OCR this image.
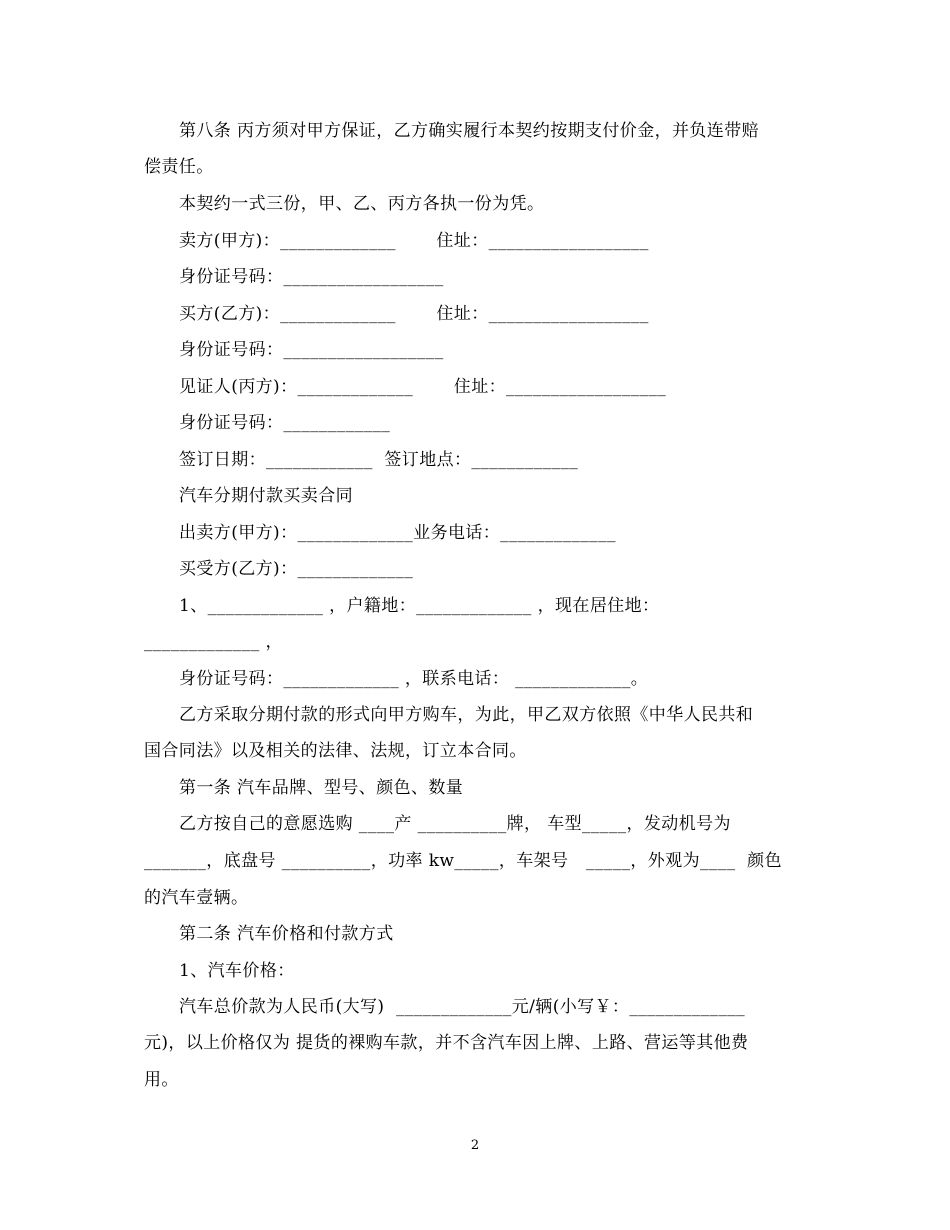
第八条 丙方须对甲方保证，乙方确实履行本契约按期支付价金，并负连带赔
偿责任。
本契约一式三份，甲、乙、丙方各执一份为凭。
卖方(甲方)：_____________       住址：__________________
身份证号码：__________________
买方(乙方)：_____________       住址：__________________
身份证号码：__________________
见证人(丙方)：_____________       住址：__________________
身份证号码：____________
签订日期：____________  签订地点：____________
汽车分期付款买卖合同
出卖方(甲方)：_____________业务电话：_____________
买受方(乙方)：_____________
1、_____________ ，户籍地：_____________ ，现在居住地：
_____________ ，
身份证号码：_____________ ，联系电话： _____________。
乙方采取分期付款的形式向甲方购车，为此，甲乙双方依照《中华人民共和
国合同法》以及相关的法律、法规，订立本合同。
第一条 汽车品牌、型号、颜色、数量
乙方按自己的意愿选购 ____产 __________牌， 车型_____，发动机号为
_______，底盘号 __________，功率 kw_____，车架号   _____，外观为____  颜色
的汽车壹辆。
第二条 汽车价格和付款方式
1、汽车价格：
汽车总价款为人民币(大写)  _____________元/辆(小写￥：_____________
元)，以上价格仅为 提货的裸购车款，并不含汽车因上牌、上路、营运等其他费
用。
2
